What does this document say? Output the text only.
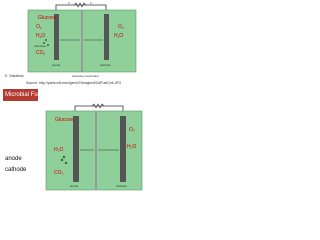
e⁻	e⁻
Glucose
$O_2$
$H_2O$
$CO_2$
microbes
$O_2$
$H_2O$
anode	cathode
selective membrane
Glucose
H₂O
CO₂
O₂
H₂O
anode	cathode
K. Stautloss
Source: http://parts.mit.edu/igem07/images/f/2d/FuelCell.JPG
Microbial Fuel Cells
anode
cathode
